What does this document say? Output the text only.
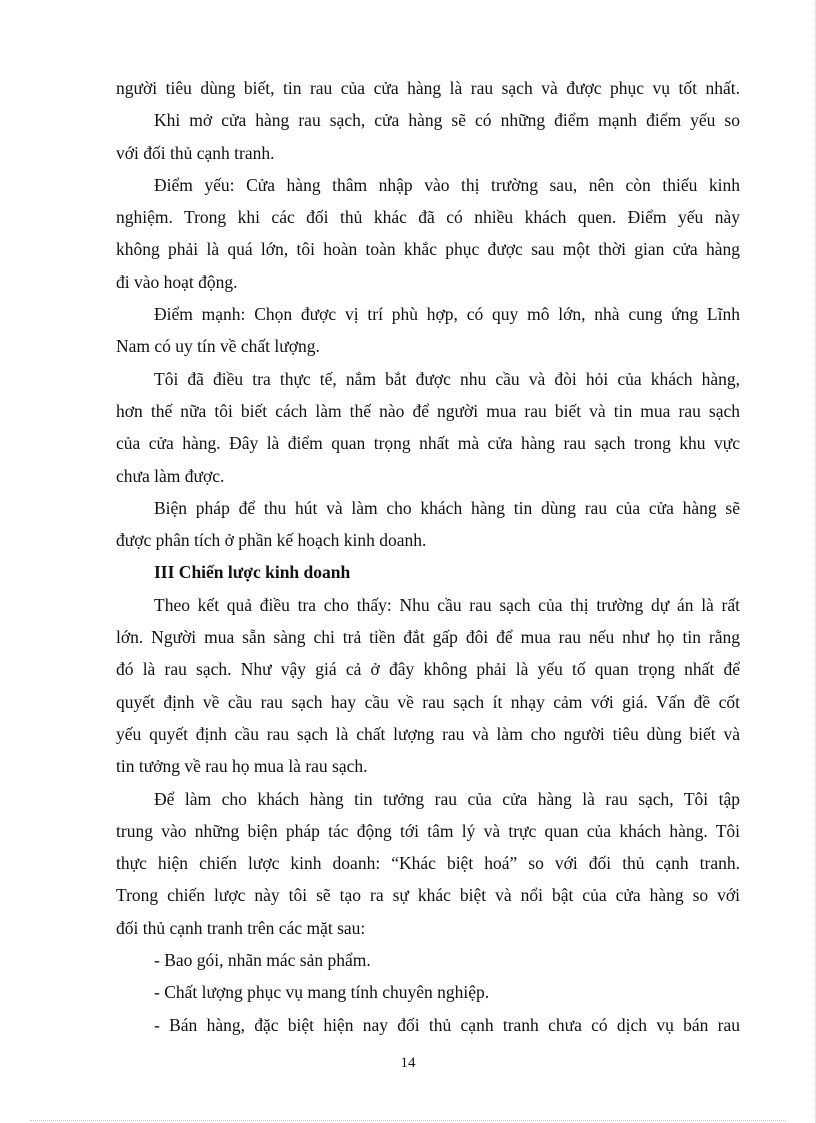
người tiêu dùng biết, tin rau của cửa hàng là rau sạch và được phục vụ tốt nhất.
Khi mở cửa hàng rau sạch, cửa hàng sẽ có những điểm mạnh điểm yếu so
với đối thủ cạnh tranh.
Điểm yếu: Cửa hàng thâm nhập vào thị trường sau, nên còn thiếu kinh
nghiệm. Trong khi các đối thủ khác đã có nhiều khách quen. Điểm yếu này
không phải là quá lớn, tôi hoàn toàn khắc phục được sau một thời gian cửa hàng
đi vào hoạt động.
Điểm mạnh: Chọn được vị trí phù hợp, có quy mô lớn, nhà cung ứng Lĩnh
Nam có uy tín về chất lượng.
Tôi đã điều tra thực tế, nắm bắt được nhu cầu và đòi hỏi của khách hàng,
hơn thế nữa tôi biết cách làm thế nào để người mua rau biết và tin mua rau sạch
của cửa hàng. Đây là điểm quan trọng nhất mà cửa hàng rau sạch trong khu vực
chưa làm được.
Biện pháp để thu hút và làm cho khách hàng tin dùng rau của cửa hàng sẽ
được phân tích ở phần kế hoạch kinh doanh.
III Chiến lược kinh doanh
Theo kết quả điều tra cho thấy: Nhu cầu rau sạch của thị trường dự án là rất
lớn. Người mua sẵn sàng chi trả tiền đắt gấp đôi để mua rau nếu như họ tin rằng
đó là rau sạch. Như vậy giá cả ở đây không phải là yếu tố quan trọng nhất để
quyết định về cầu rau sạch hay cầu về rau sạch ít nhạy cảm với giá. Vấn đề cốt
yếu quyết định cầu rau sạch là chất lượng rau và làm cho người tiêu dùng biết và
tin tưởng về rau họ mua là rau sạch.
Để làm cho khách hàng tin tưởng rau của cửa hàng là rau sạch, Tôi tập
trung vào những biện pháp tác động tới tâm lý và trực quan của khách hàng. Tôi
thực hiện chiến lược kinh doanh: “Khác biệt hoá” so với đối thủ cạnh tranh.
Trong chiến lược này tôi sẽ tạo ra sự khác biệt và nổi bật của cửa hàng so với
đối thủ cạnh tranh trên các mặt sau:
- Bao gói, nhãn mác sản phẩm.
- Chất lượng phục vụ mang tính chuyên nghiệp.
- Bán hàng, đặc biệt hiện nay đối thủ cạnh tranh chưa có dịch vụ bán rau
14
